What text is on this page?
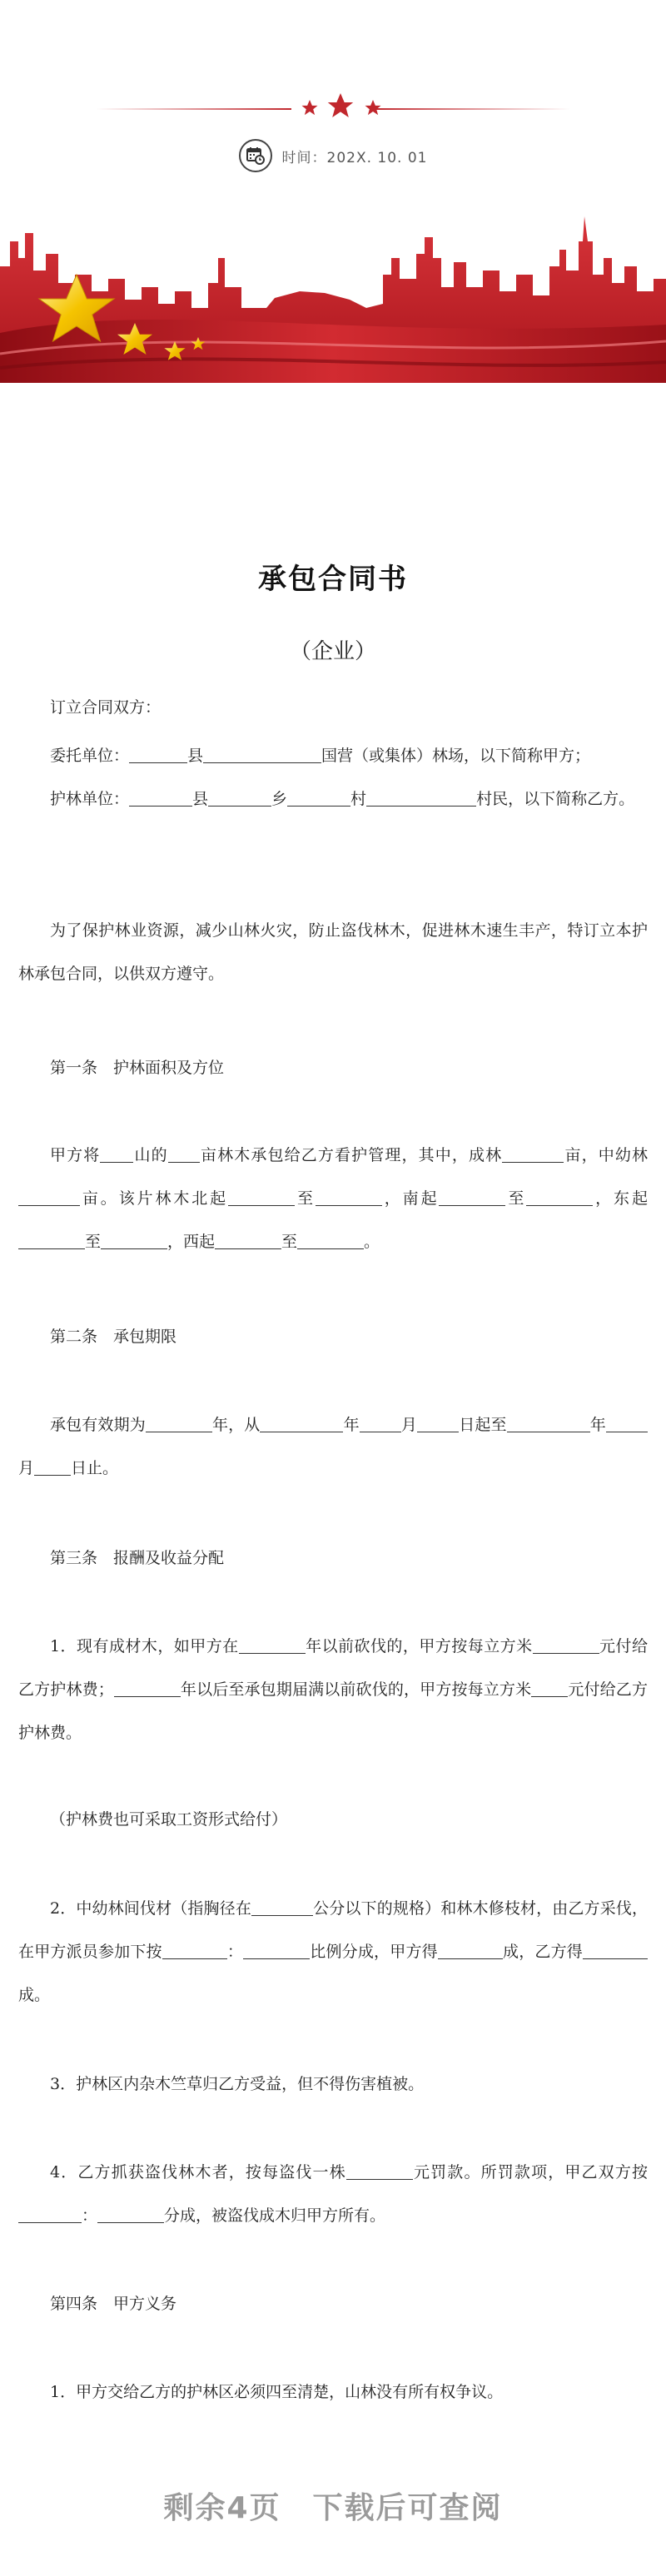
时间：202X. 10. 01
承包合同书
（企业）

订立合同双方：

委托单位：	县	国营（或集体）林场，以下简称甲方；

护林单位：	县	乡	村	村民，以下简称乙方。

为了保护林业资源，减少山林火灾，防止盗伐林木，促进林木速生丰产，特订立本护林承包合同，以供双方遵守。

第一条　护林面积及方位

甲方将 山的 亩林木承包给乙方看护管理，其中，成林	亩，中幼林亩。该片林木北起	至	，南起	至	，东起至	，西起	至	。

第二条　承包期限

承包有效期为	年，从	年	月	日起至	年月 日止。

第三条　报酬及收益分配

1．现有成材木，如甲方在	年以前砍伐的，甲方按每立方米	元付给乙方护林费；	年以后至承包期届满以前砍伐的，甲方按每立方米 元付给乙方护林费。

（护林费也可采取工资形式给付）

2．中幼林间伐材（指胸径在	公分以下的规格）和林木修枝材，由乙方采伐，在甲方派员参加下按	：	比例分成，甲方得	成，乙方得成。

3．护林区内杂木竺草归乙方受益，但不得伤害植被。

4．乙方抓获盗伐林木者，按每盗伐一株	元罚款。所罚款项，甲乙双方按：	分成，被盗伐成木归甲方所有。

第四条　甲方义务

1．甲方交给乙方的护林区必须四至清楚，山林没有所有权争议。

剩余4页　下载后可查阅
